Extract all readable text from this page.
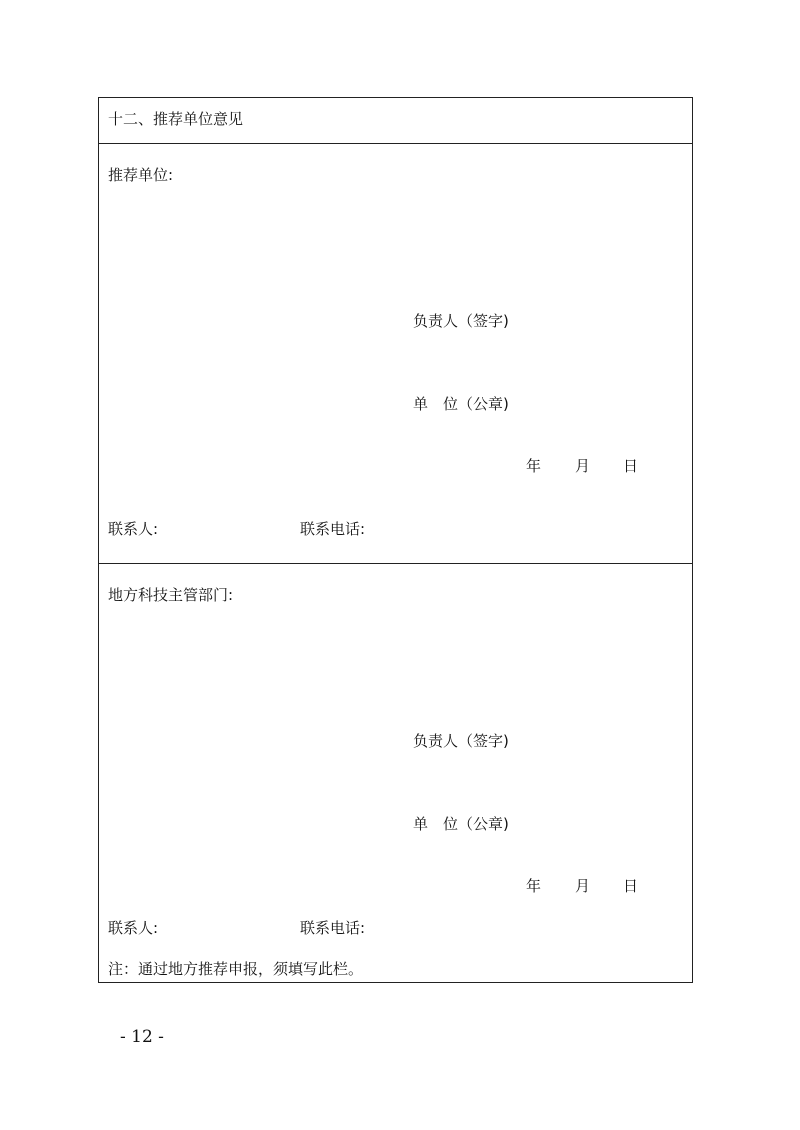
十二、推荐单位意见
推荐单位:
负责人（签字)
单　位（公章)
年 月 日
联系人:	联系电话:
地方科技主管部门:
负责人（签字)
单　位（公章)
年 月 日
联系人:	联系电话:
注：通过地方推荐申报，须填写此栏。
- 12 -
